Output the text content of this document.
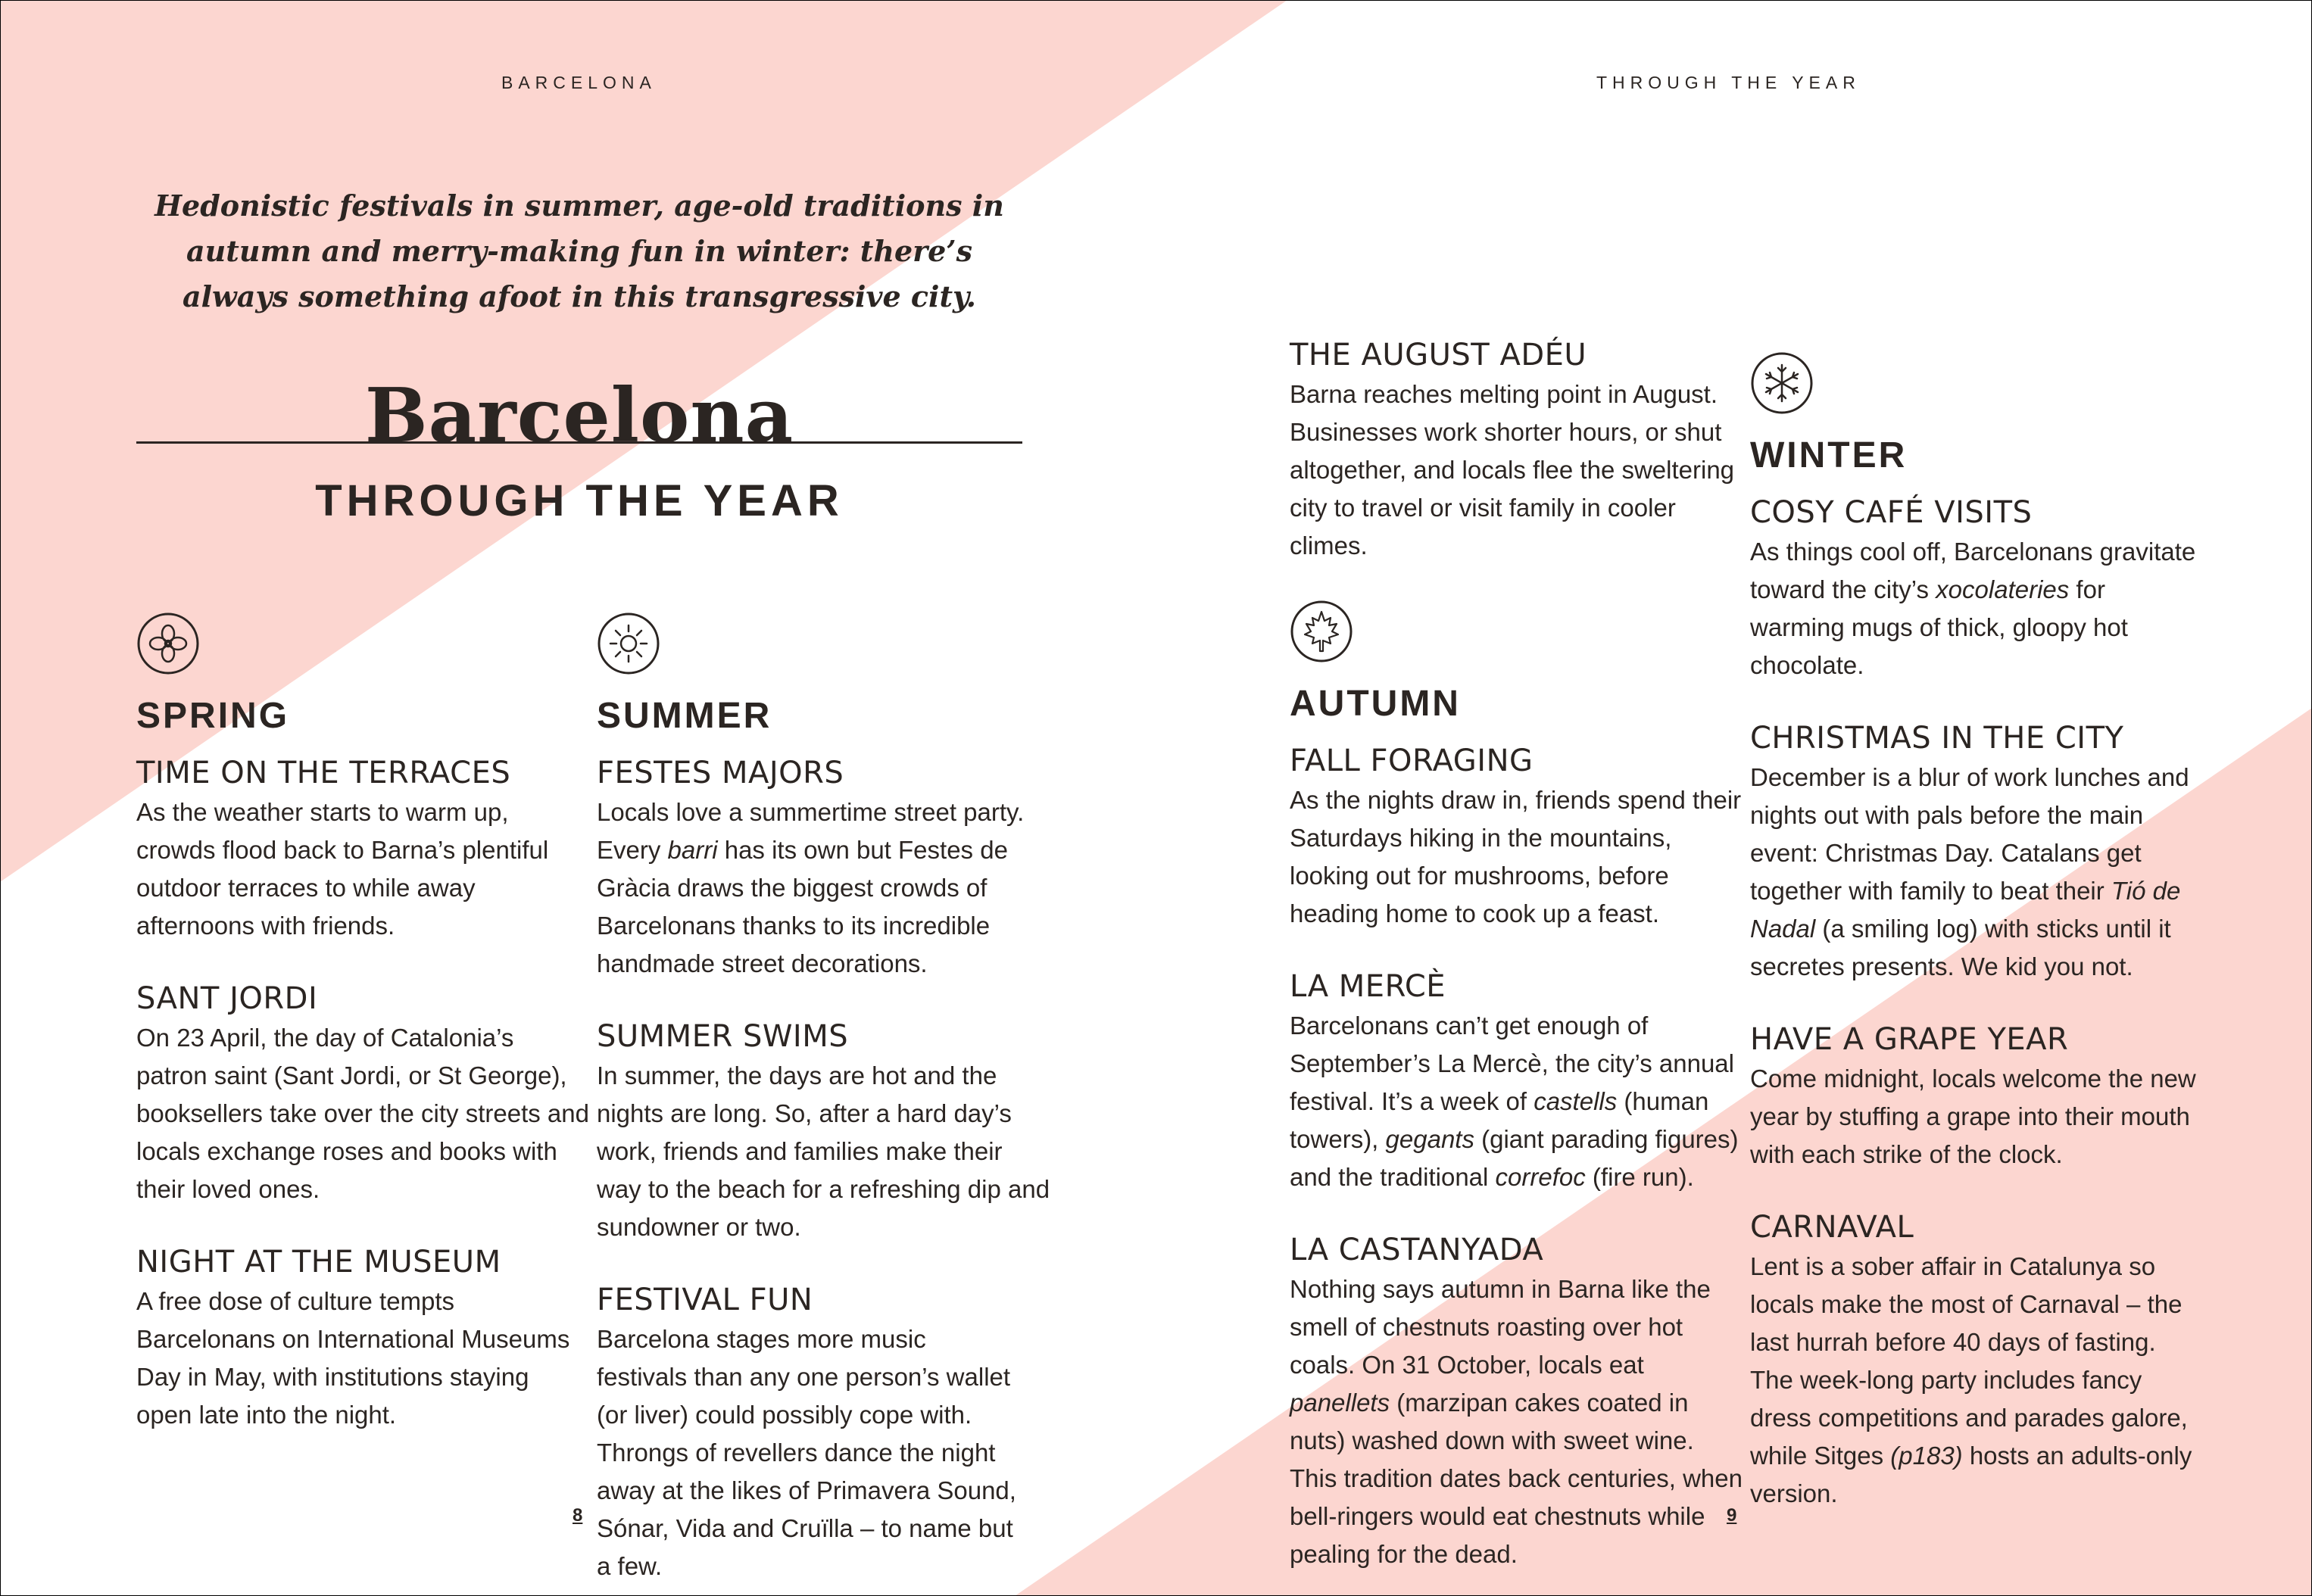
BARCELONA
Hedonistic festivals in summer, age-old traditions in autumn and merry-making fun in winter: there’s always something afoot in this transgressive city.
Barcelona
THROUGH THE YEAR
SPRING
TIME ON THE TERRACES

As the weather starts to warm up, crowds flood back to Barna’s plentiful outdoor terraces to while away afternoons with friends.

SANT JORDI

On 23 April, the day of Catalonia’s patron saint (Sant Jordi, or St George), booksellers take over the city streets and locals exchange roses and books with their loved ones.

NIGHT AT THE MUSEUM

A free dose of culture tempts Barcelonans on International Museums Day in May, with institutions staying open late into the night.

SUMMER
FESTES MAJORS

Locals love a summertime street party. Every barri has its own but Festes de Gràcia draws the biggest crowds of Barcelonans thanks to its incredible handmade street decorations.

SUMMER SWIMS

In summer, the days are hot and the nights are long. So, after a hard day’s work, friends and families make their way to the beach for a refreshing dip and sundowner or two.

FESTIVAL FUN

Barcelona stages more music festivals than any one person’s wallet (or liver) could possibly cope with. Throngs of revellers dance the night away at the likes of Primavera Sound, Sónar, Vida and Cruïlla – to name but a few.

8
THROUGH THE YEAR
THE AUGUST ADÉU

Barna reaches melting point in August. Businesses work shorter hours, or shut altogether, and locals flee the sweltering city to travel or visit family in cooler climes.

AUTUMN
FALL FORAGING

As the nights draw in, friends spend their Saturdays hiking in the mountains, looking out for mushrooms, before heading home to cook up a feast.

LA MERCÈ

Barcelonans can’t get enough of September’s La Mercè, the city’s annual festival. It’s a week of castells (human towers), gegants (giant parading figures) and the traditional correfoc (fire run).

LA CASTANYADA

Nothing says autumn in Barna like the smell of chestnuts roasting over hot coals. On 31 October, locals eat panellets (marzipan cakes coated in nuts) washed down with sweet wine. This tradition dates back centuries, when bell-ringers would eat chestnuts while pealing for the dead.

WINTER
COSY CAFÉ VISITS

As things cool off, Barcelonans gravitate toward the city’s xocolateries for warming mugs of thick, gloopy hot chocolate.

CHRISTMAS IN THE CITY

December is a blur of work lunches and nights out with pals before the main event: Christmas Day. Catalans get together with family to beat their Tió de Nadal (a smiling log) with sticks until it secretes presents. We kid you not.

HAVE A GRAPE YEAR

Come midnight, locals welcome the new year by stuffing a grape into their mouth with each strike of the clock.

CARNAVAL

Lent is a sober affair in Catalunya so locals make the most of Carnaval – the last hurrah before 40 days of fasting. The week-long party includes fancy dress competitions and parades galore, while Sitges (p183) hosts an adults-only version.

9
